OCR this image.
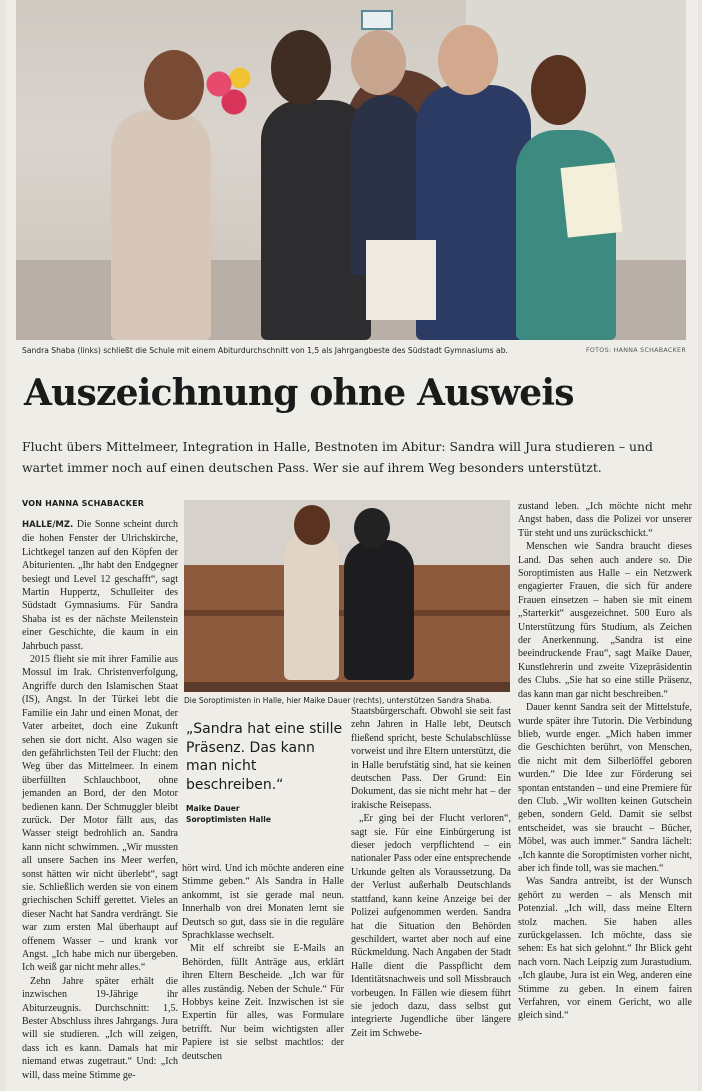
Sandra Shaba (links) schließt die Schule mit einem Abiturdurchschnitt von 1,5 als Jahrgangbeste des Südstadt Gymnasiums ab.	FOTOS: HANNA SCHABACKER
Auszeichnung ohne Ausweis
Flucht übers Mittelmeer, Integration in Halle, Bestnoten im Abitur: Sandra will Jura studieren – und wartet immer noch auf einen deutschen Pass. Wer sie auf ihrem Weg besonders unterstützt.
VON HANNA SCHABACKER

HALLE/MZ. Die Sonne scheint durch die hohen Fenster der Ulrichskirche, Lichtkegel tanzen auf den Köpfen der Abiturienten. „Ihr habt den Endgegner besiegt und Level 12 geschafft“, sagt Martin Huppertz, Schulleiter des Südstadt Gymnasiums. Für Sandra Shaba ist es der nächste Meilenstein einer Geschichte, die kaum in ein Jahrbuch passt.

2015 flieht sie mit ihrer Familie aus Mossul im Irak. Christenverfolgung, Angriffe durch den Islamischen Staat (IS), Angst. In der Türkei lebt die Familie ein Jahr und einen Monat, der Vater arbeitet, doch eine Zukunft sehen sie dort nicht. Also wagen sie den gefährlichsten Teil der Flucht: den Weg über das Mittelmeer. In einem überfüllten Schlauchboot, ohne jemanden an Bord, der den Motor bedienen kann. Der Schmuggler bleibt zurück. Der Motor fällt aus, das Wasser steigt bedrohlich an. Sandra kann nicht schwimmen. „Wir mussten all unsere Sachen ins Meer werfen, sonst hätten wir nicht überlebt“, sagt sie. Schließlich werden sie von einem griechischen Schiff gerettet. Vieles an dieser Nacht hat Sandra verdrängt. Sie war zum ersten Mal überhaupt auf offenem Wasser – und krank vor Angst. „Ich habe mich nur übergeben. Ich weiß gar nicht mehr alles.“

Zehn Jahre später erhält die inzwischen 19-Jährige ihr Abiturzeugnis. Durchschnitt: 1,5. Bester Abschluss ihres Jahrgangs. Jura will sie studieren. „Ich will zeigen, dass ich es kann. Damals hat mir niemand etwas zugetraut.“ Und: „Ich will, dass meine Stimme ge-

Die Soroptimisten in Halle, hier Maike Dauer (rechts), unterstützen Sandra Shaba.
„Sandra hat eine stille Präsenz. Das kann man nicht beschreiben.“
Maike Dauer
Soroptimisten Halle

hört wird. Und ich möchte anderen eine Stimme geben.“ Als Sandra in Halle ankommt, ist sie gerade mal neun. Innerhalb von drei Monaten lernt sie Deutsch so gut, dass sie in die reguläre Sprachklasse wechselt.

Mit elf schreibt sie E-Mails an Behörden, füllt Anträge aus, erklärt ihren Eltern Bescheide. „Ich war für alles zuständig. Neben der Schule.“ Für Hobbys keine Zeit. Inzwischen ist sie Expertin für alles, was Formulare betrifft. Nur beim wichtigsten aller Papiere ist sie selbst machtlos: der deutschen

Staatsbürgerschaft. Obwohl sie seit fast zehn Jahren in Halle lebt, Deutsch fließend spricht, beste Schulabschlüsse vorweist und ihre Eltern unterstützt, die in Halle berufstätig sind, hat sie keinen deutschen Pass. Der Grund: Ein Dokument, das sie nicht mehr hat – der irakische Reisepass.

„Er ging bei der Flucht verloren“, sagt sie. Für eine Einbürgerung ist dieser jedoch verpflichtend – ein nationaler Pass oder eine entsprechende Urkunde gelten als Voraussetzung. Da der Verlust außerhalb Deutschlands stattfand, kann keine Anzeige bei der Polizei aufgenommen werden. Sandra hat die Situation den Behörden geschildert, wartet aber noch auf eine Rückmeldung. Nach Angaben der Stadt Halle dient die Passpflicht dem Identitätsnachweis und soll Missbrauch vorbeugen. In Fällen wie diesem führt sie jedoch dazu, dass selbst gut integrierte Jugendliche über längere Zeit im Schwebe-

zustand leben. „Ich möchte nicht mehr Angst haben, dass die Polizei vor unserer Tür steht und uns zurückschickt.“

Menschen wie Sandra braucht dieses Land. Das sehen auch andere so. Die Soroptimisten aus Halle – ein Netzwerk engagierter Frauen, die sich für andere Frauen einsetzen – haben sie mit einem „Starterkit“ ausgezeichnet. 500 Euro als Unterstützung fürs Studium, als Zeichen der Anerkennung. „Sandra ist eine beeindruckende Frau“, sagt Maike Dauer, Kunstlehrerin und zweite Vizepräsidentin des Clubs. „Sie hat so eine stille Präsenz, das kann man gar nicht beschreiben.“

Dauer kennt Sandra seit der Mittelstufe, wurde später ihre Tutorin. Die Verbindung blieb, wurde enger. „Mich haben immer die Geschichten berührt, von Menschen, die nicht mit dem Silberlöffel geboren wurden.“ Die Idee zur Förderung sei spontan entstanden – und eine Premiere für den Club. „Wir wollten keinen Gutschein geben, sondern Geld. Damit sie selbst entscheidet, was sie braucht – Bücher, Möbel, was auch immer.“ Sandra lächelt: „Ich kannte die Soroptimisten vorher nicht, aber ich finde toll, was sie machen.“

Was Sandra antreibt, ist der Wunsch gehört zu werden – als Mensch mit Potenzial. „Ich will, dass meine Eltern stolz machen. Sie haben alles zurückgelassen. Ich möchte, dass sie sehen: Es hat sich gelohnt.“ Ihr Blick geht nach vorn. Nach Leipzig zum Jurastudium. „Ich glaube, Jura ist ein Weg, anderen eine Stimme zu geben. In einem fairen Verfahren, vor einem Gericht, wo alle gleich sind.“
